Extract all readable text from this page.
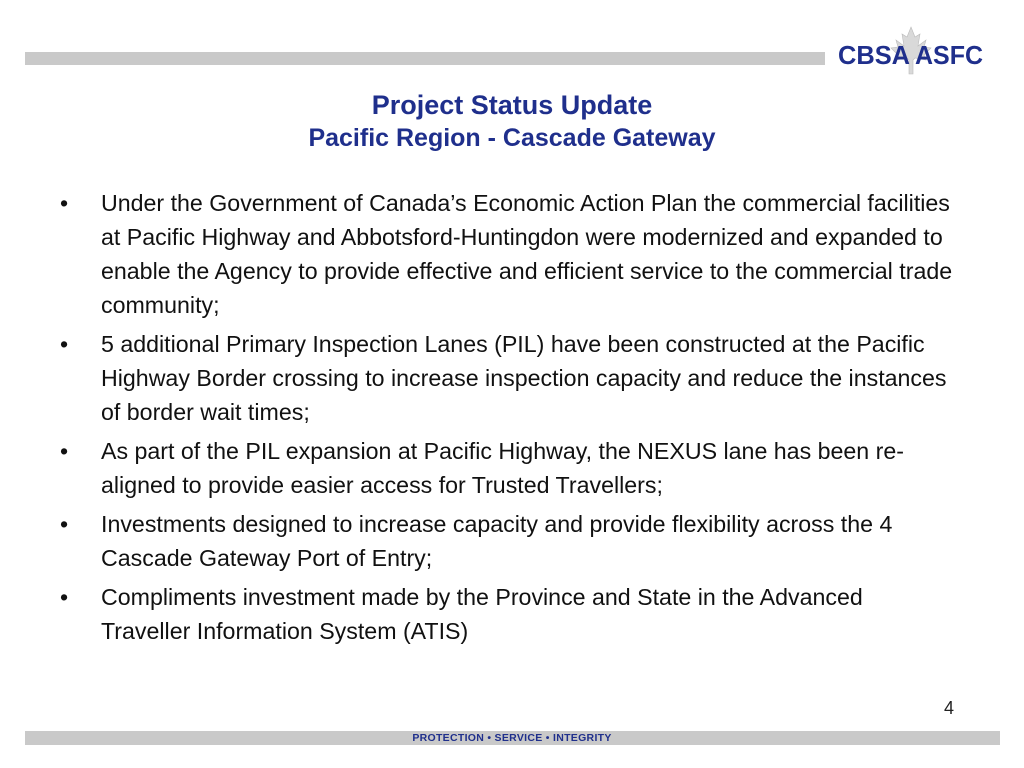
CBSA ASFC

Project Status Update

Pacific Region - Cascade Gateway

• Under the Government of Canada’s Economic Action Plan the commercial facilities at Pacific Highway and Abbotsford-Huntingdon were modernized and expanded to enable the Agency to provide effective and efficient service to the commercial trade community;
• 5 additional Primary Inspection Lanes (PIL) have been constructed at the Pacific Highway Border crossing to increase inspection capacity and reduce the instances of border wait times;
• As part of the PIL expansion at Pacific Highway, the NEXUS lane has been re-aligned to provide easier access for Trusted Travellers;
• Investments designed to increase capacity and provide flexibility across the 4 Cascade Gateway Port of Entry;
• Compliments investment made by the Province and State in the Advanced Traveller Information System (ATIS)
4
PROTECTION • SERVICE • INTEGRITY
